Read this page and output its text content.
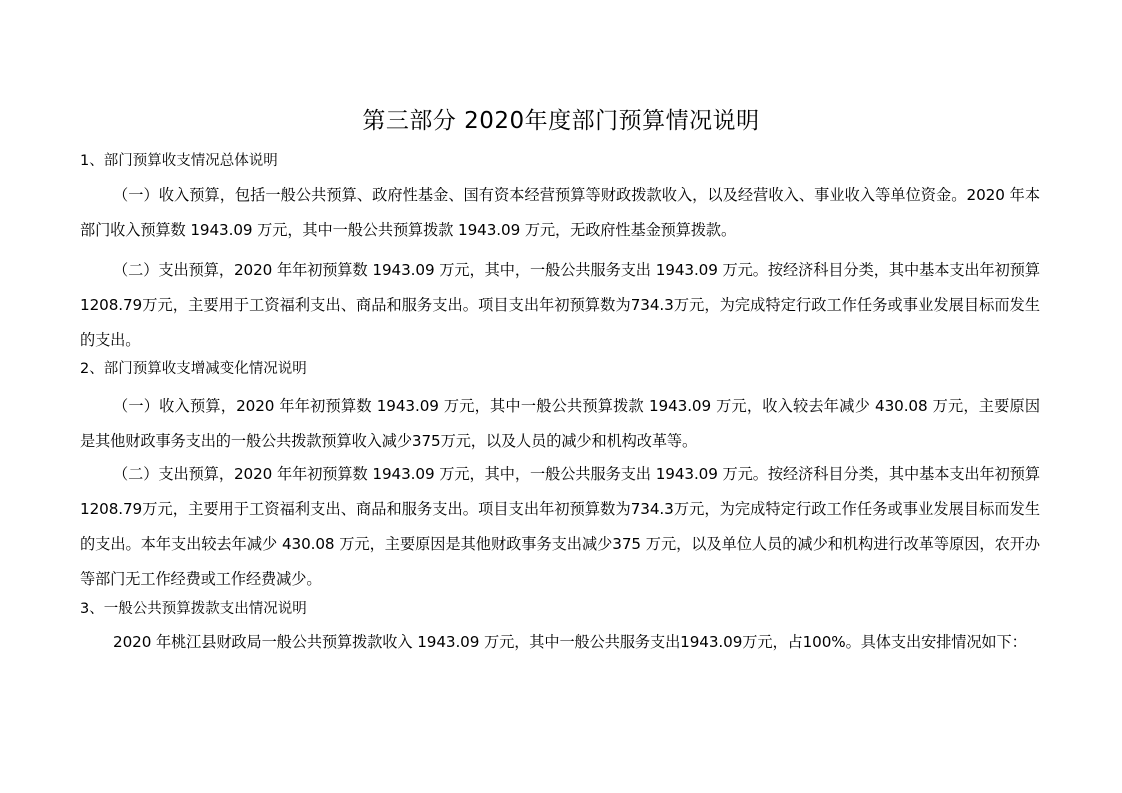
第三部分 2020年度部门预算情况说明

1、部门预算收支情况总体说明

（一）收入预算，包括一般公共预算、政府性基金、国有资本经营预算等财政拨款收入，以及经营收入、事业收入等单位资金。2020 年本部门收入预算数 1943.09 万元，其中一般公共预算拨款 1943.09 万元，无政府性基金预算拨款。

（二）支出预算，2020 年年初预算数 1943.09 万元，其中，一般公共服务支出 1943.09 万元。按经济科目分类，其中基本支出年初预算1208.79万元，主要用于工资福利支出、商品和服务支出。项目支出年初预算数为734.3万元，为完成特定行政工作任务或事业发展目标而发生的支出。

2、部门预算收支增减变化情况说明

（一）收入预算，2020 年年初预算数 1943.09 万元，其中一般公共预算拨款 1943.09 万元，收入较去年减少 430.08 万元，主要原因是其他财政事务支出的一般公共拨款预算收入减少375万元，以及人员的减少和机构改革等。

（二）支出预算，2020 年年初预算数 1943.09 万元，其中，一般公共服务支出 1943.09 万元。按经济科目分类，其中基本支出年初预算1208.79万元，主要用于工资福利支出、商品和服务支出。项目支出年初预算数为734.3万元，为完成特定行政工作任务或事业发展目标而发生的支出。本年支出较去年减少 430.08 万元，主要原因是其他财政事务支出减少375 万元，以及单位人员的减少和机构进行改革等原因，农开办等部门无工作经费或工作经费减少。

3、一般公共预算拨款支出情况说明

2020 年桃江县财政局一般公共预算拨款收入 1943.09 万元，其中一般公共服务支出1943.09万元，占100%。具体支出安排情况如下：
